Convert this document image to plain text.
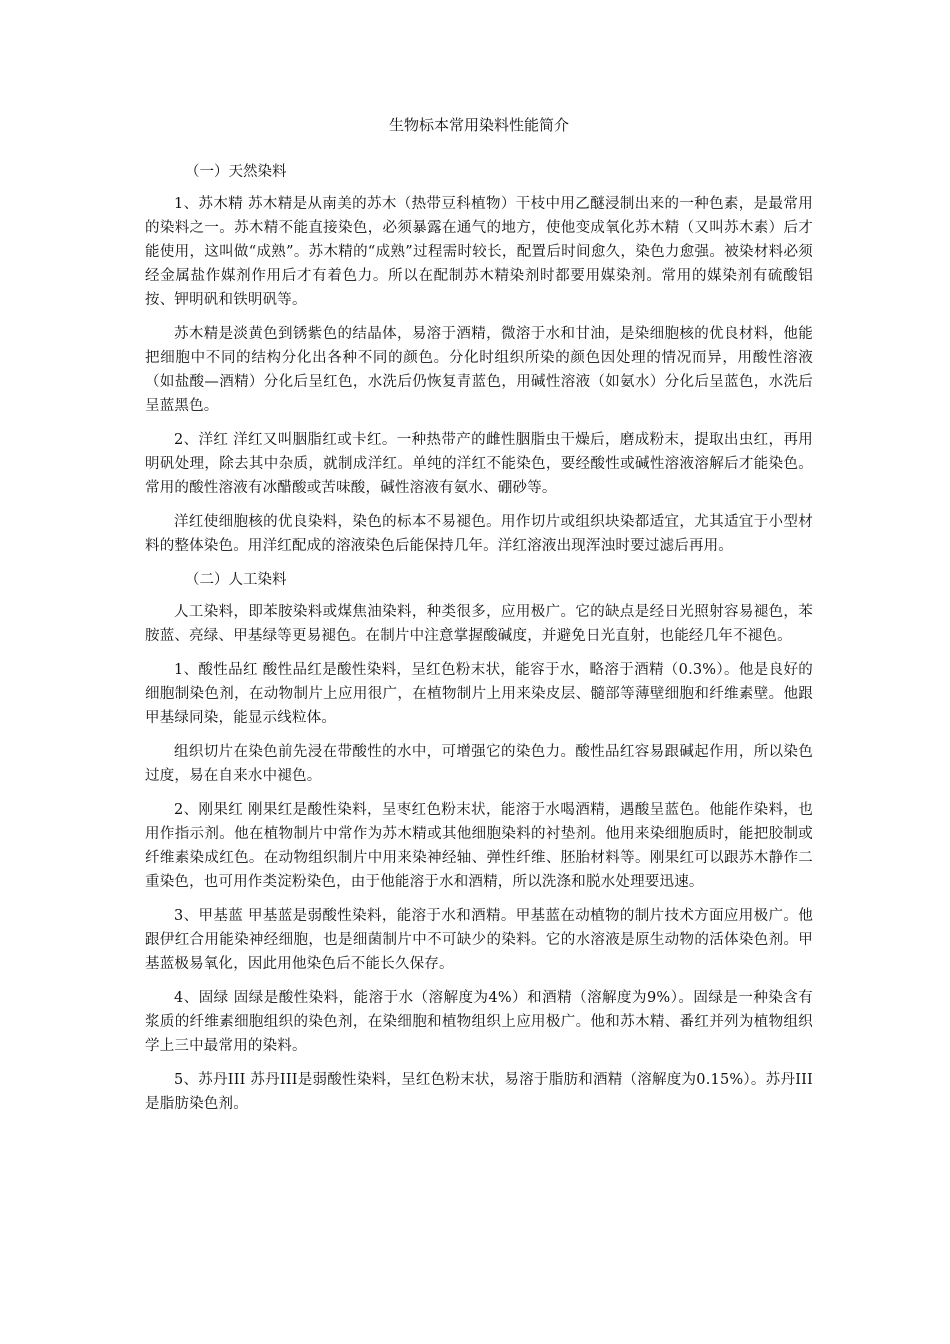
生物标本常用染料性能简介
（一）天然染料

1、苏木精 苏木精是从南美的苏木（热带豆科植物）干枝中用乙醚浸制出来的一种色素，是最常用的染料之一。苏木精不能直接染色，必须暴露在通气的地方，使他变成氧化苏木精（又叫苏木素）后才能使用，这叫做“成熟”。苏木精的“成熟”过程需时较长，配置后时间愈久，染色力愈强。被染材料必须经金属盐作媒剂作用后才有着色力。所以在配制苏木精染剂时都要用媒染剂。常用的媒染剂有硫酸铝按、钾明矾和铁明矾等。

苏木精是淡黄色到锈紫色的结晶体，易溶于酒精，微溶于水和甘油，是染细胞核的优良材料，他能把细胞中不同的结构分化出各种不同的颜色。分化时组织所染的颜色因处理的情况而异，用酸性溶液（如盐酸—酒精）分化后呈红色，水洗后仍恢复青蓝色，用碱性溶液（如氨水）分化后呈蓝色，水洗后呈蓝黑色。

2、洋红 洋红又叫胭脂红或卡红。一种热带产的雌性胭脂虫干燥后，磨成粉末，提取出虫红，再用明矾处理，除去其中杂质，就制成洋红。单纯的洋红不能染色，要经酸性或碱性溶液溶解后才能染色。常用的酸性溶液有冰醋酸或苦味酸，碱性溶液有氨水、硼砂等。

洋红使细胞核的优良染料，染色的标本不易褪色。用作切片或组织块染都适宜，尤其适宜于小型材料的整体染色。用洋红配成的溶液染色后能保持几年。洋红溶液出现浑浊时要过滤后再用。

（二）人工染料

人工染料，即苯胺染料或煤焦油染料，种类很多，应用极广。它的缺点是经日光照射容易褪色，苯胺蓝、亮绿、甲基绿等更易褪色。在制片中注意掌握酸碱度，并避免日光直射，也能经几年不褪色。

1、酸性品红 酸性品红是酸性染料，呈红色粉末状，能容于水，略溶于酒精（0.3%）。他是良好的细胞制染色剂，在动物制片上应用很广，在植物制片上用来染皮层、髓部等薄壁细胞和纤维素壁。他跟甲基绿同染，能显示线粒体。

组织切片在染色前先浸在带酸性的水中，可增强它的染色力。酸性品红容易跟碱起作用，所以染色过度，易在自来水中褪色。

2、刚果红 刚果红是酸性染料，呈枣红色粉末状，能溶于水喝酒精，遇酸呈蓝色。他能作染料，也用作指示剂。他在植物制片中常作为苏木精或其他细胞染料的衬垫剂。他用来染细胞质时，能把胶制或纤维素染成红色。在动物组织制片中用来染神经轴、弹性纤维、胚胎材料等。刚果红可以跟苏木静作二重染色，也可用作类淀粉染色，由于他能溶于水和酒精，所以洗涤和脱水处理要迅速。

3、甲基蓝 甲基蓝是弱酸性染料，能溶于水和酒精。甲基蓝在动植物的制片技术方面应用极广。他跟伊红合用能染神经细胞，也是细菌制片中不可缺少的染料。它的水溶液是原生动物的活体染色剂。甲基蓝极易氧化，因此用他染色后不能长久保存。

4、固绿 固绿是酸性染料，能溶于水（溶解度为4%）和酒精（溶解度为9%）。固绿是一种染含有浆质的纤维素细胞组织的染色剂，在染细胞和植物组织上应用极广。他和苏木精、番红并列为植物组织学上三中最常用的染料。

5、苏丹III 苏丹III是弱酸性染料，呈红色粉末状，易溶于脂肪和酒精（溶解度为0.15%）。苏丹III是脂肪染色剂。
